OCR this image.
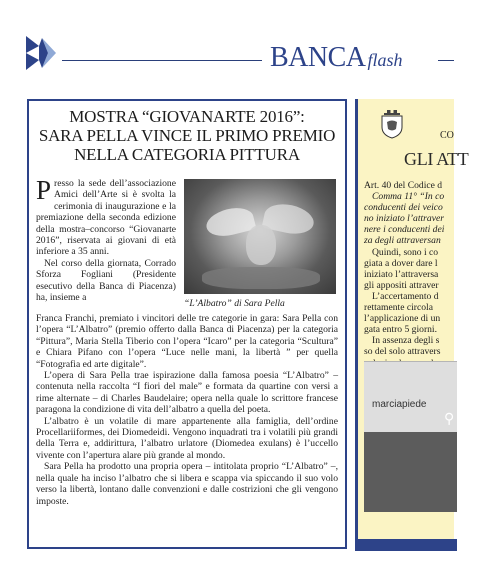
BANCA flash
MOSTRA “GIOVANARTE 2016”:
SARA PELLA VINCE IL PRIMO PREMIO
NELLA CATEGORIA PITTURA

Presso la sede dell’associazione Amici dell’Arte si è svolta la cerimonia di inaugurazione e la premiazione della seconda edizione della mostra–concorso “Giovanarte 2016”, riservata ai giovani di età inferiore a 35 anni.

Nel corso della giornata, Corrado Sforza Fogliani (Presidente esecutivo della Banca di Piacenza) ha, insieme a

“L’Albatro” di Sara Pella

Franca Franchi, premiato i vincitori delle tre categorie in gara: Sara Pella con l’opera “L’Albatro” (premio offerto dalla Banca di Piacenza) per la categoria “Pittura”, Maria Stella Tiberio con l’opera “Icaro” per la categoria “Scultura” e Chiara Pifano con l’opera “Luce nelle mani, la libertà ” per quella “Fotografia ed arte digitale”.

L’opera di Sara Pella trae ispirazione dalla famosa poesia “L’Albatro” – contenuta nella raccolta “I fiori del male” e formata da quartine con versi a rime alternate – di Charles Baudelaire; opera nella quale lo scrittore francese paragona la condizione di vita dell’albatro a quella del poeta.

L’albatro è un volatile di mare appartenente alla famiglia, dell’ordine Procellariiformes, dei Diomedeidi. Vengono inquadrati tra i volatili più grandi della Terra e, addirittura, l’albatro urlatore (Diomedea exulans) è l’uccello vivente con l’apertura alare più grande al mondo.

Sara Pella ha prodotto una propria opera – intitolata proprio “L’Albatro” –, nella quale ha inciso l’albatro che si libera e scappa via spiccando il suo volo verso la libertà, lontano dalle convenzioni e dalle costrizioni che gli vengono imposte.

CO
GLI ATT
Art. 40 del Codice d
Comma 11° “In co
conducenti dei veico
no iniziato l’attraver
nere i conducenti dei
za degli attraversan
Quindi, sono i co
giata a dover dare l
iniziato l’attraversa
gli appositi attraver
L’accertamento d
rettamente circola
l’applicazione di un
gata entro 5 giorni.
In assenza degli s
so del solo attravers
marciapiede
⚲
